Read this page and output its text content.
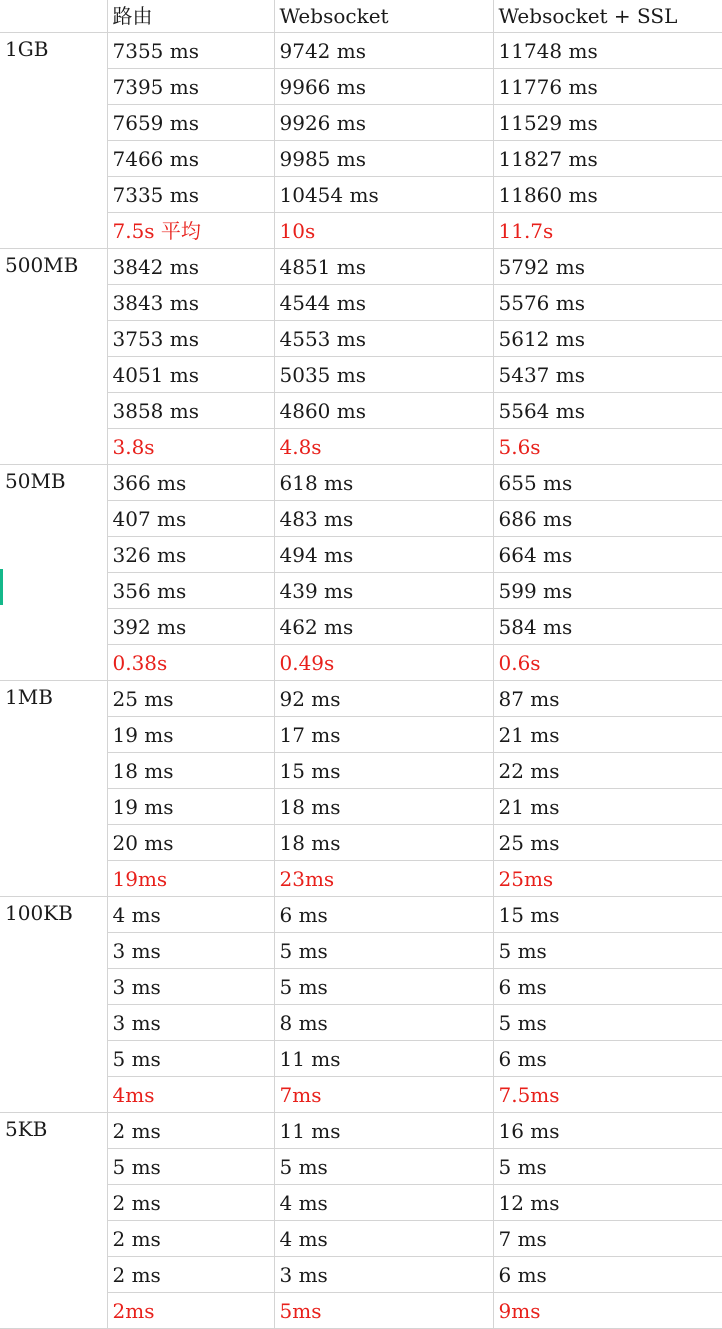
	路由	Websocket	Websocket + SSL
1GB	7355 ms	9742 ms	11748 ms
	7395 ms	9966 ms	11776 ms
	7659 ms	9926 ms	11529 ms
	7466 ms	9985 ms	11827 ms
	7335 ms	10454 ms	11860 ms
	7.5s 平均	10s	11.7s
500MB	3842 ms	4851 ms	5792 ms
	3843 ms	4544 ms	5576 ms
	3753 ms	4553 ms	5612 ms
	4051 ms	5035 ms	5437 ms
	3858 ms	4860 ms	5564 ms
	3.8s	4.8s	5.6s
50MB	366 ms	618 ms	655 ms
	407 ms	483 ms	686 ms
	326 ms	494 ms	664 ms
	356 ms	439 ms	599 ms
	392 ms	462 ms	584 ms
	0.38s	0.49s	0.6s
1MB	25 ms	92 ms	87 ms
	19 ms	17 ms	21 ms
	18 ms	15 ms	22 ms
	19 ms	18 ms	21 ms
	20 ms	18 ms	25 ms
	19ms	23ms	25ms
100KB	4 ms	6 ms	15 ms
	3 ms	5 ms	5 ms
	3 ms	5 ms	6 ms
	3 ms	8 ms	5 ms
	5 ms	11 ms	6 ms
	4ms	7ms	7.5ms
5KB	2 ms	11 ms	16 ms
	5 ms	5 ms	5 ms
	2 ms	4 ms	12 ms
	2 ms	4 ms	7 ms
	2 ms	3 ms	6 ms
	2ms	5ms	9ms
